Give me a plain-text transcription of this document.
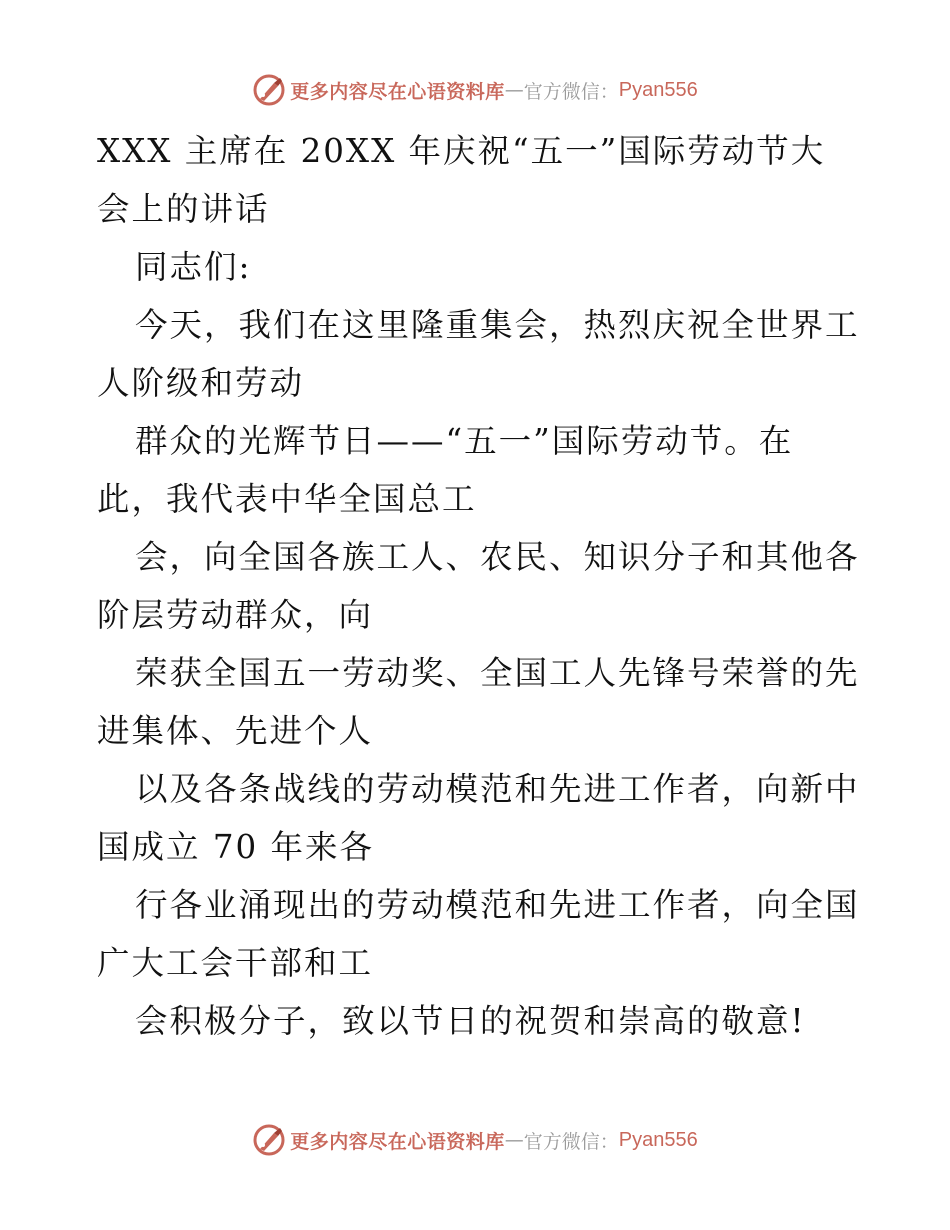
更多内容尽在心语资料库 — 官方微信： Pyan556
XXX 主席在 20XX 年庆祝“五一”国际劳动节大
会上的讲话
同志们:
今天，我们在这里隆重集会，热烈庆祝全世界工
人阶级和劳动
群众的光辉节日——“五一”国际劳动节。在
此，我代表中华全国总工
会，向全国各族工人、农民、知识分子和其他各
阶层劳动群众，向
荣获全国五一劳动奖、全国工人先锋号荣誉的先
进集体、先进个人
以及各条战线的劳动模范和先进工作者，向新中
国成立 70 年来各
行各业涌现出的劳动模范和先进工作者，向全国
广大工会干部和工
会积极分子，致以节日的祝贺和崇高的敬意!
更多内容尽在心语资料库 — 官方微信： Pyan556
